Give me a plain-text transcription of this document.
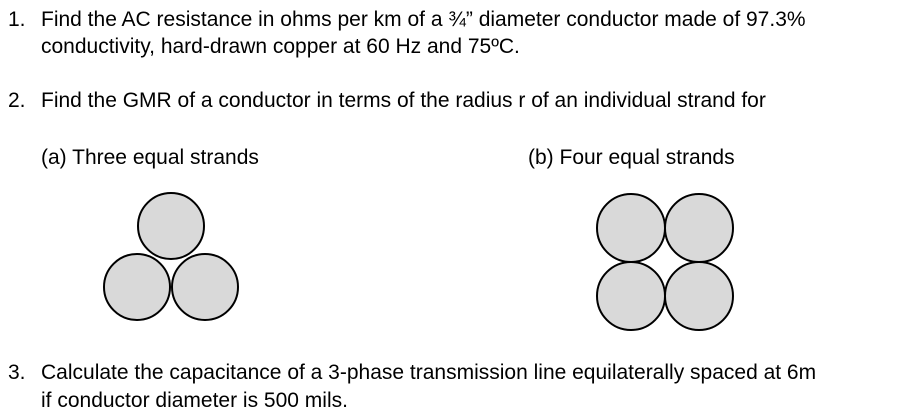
1. Find the AC resistance in ohms per km of a ¾” diameter conductor made of 97.3%
conductivity, hard-drawn copper at 60 Hz and 75ºC.
2. Find the GMR of a conductor in terms of the radius r of an individual strand for
(a) Three equal strands	(b) Four equal strands
3. Calculate the capacitance of a 3-phase transmission line equilaterally spaced at 6m
if conductor diameter is 500 mils.
